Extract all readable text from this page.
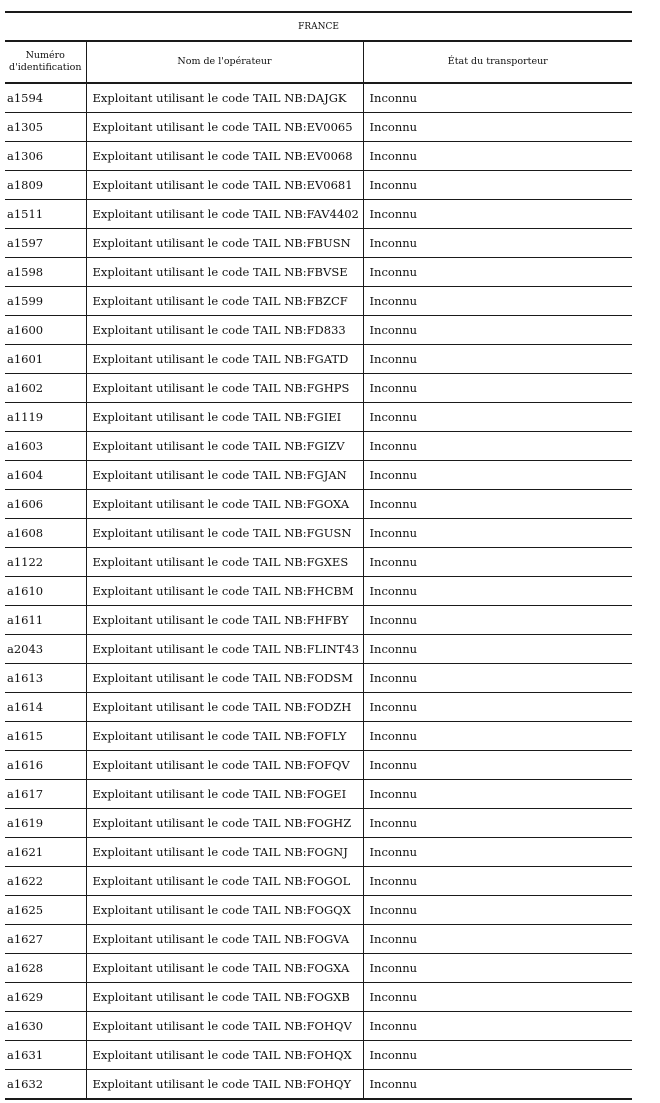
FRANCE		

Numéro
d'identification	Nom de l'opérateur	État du transporteur
a1594	Exploitant utilisant le code TAIL NB:DAJGK	Inconnu
a1305	Exploitant utilisant le code TAIL NB:EV0065	Inconnu
a1306	Exploitant utilisant le code TAIL NB:EV0068	Inconnu
a1809	Exploitant utilisant le code TAIL NB:EV0681	Inconnu
a1511	Exploitant utilisant le code TAIL NB:FAV4402	Inconnu
a1597	Exploitant utilisant le code TAIL NB:FBUSN	Inconnu
a1598	Exploitant utilisant le code TAIL NB:FBVSE	Inconnu
a1599	Exploitant utilisant le code TAIL NB:FBZCF	Inconnu
a1600	Exploitant utilisant le code TAIL NB:FD833	Inconnu
a1601	Exploitant utilisant le code TAIL NB:FGATD	Inconnu
a1602	Exploitant utilisant le code TAIL NB:FGHPS	Inconnu
a1119	Exploitant utilisant le code TAIL NB:FGIEI	Inconnu
a1603	Exploitant utilisant le code TAIL NB:FGIZV	Inconnu
a1604	Exploitant utilisant le code TAIL NB:FGJAN	Inconnu
a1606	Exploitant utilisant le code TAIL NB:FGOXA	Inconnu
a1608	Exploitant utilisant le code TAIL NB:FGUSN	Inconnu
a1122	Exploitant utilisant le code TAIL NB:FGXES	Inconnu
a1610	Exploitant utilisant le code TAIL NB:FHCBM	Inconnu
a1611	Exploitant utilisant le code TAIL NB:FHFBY	Inconnu
a2043	Exploitant utilisant le code TAIL NB:FLINT43	Inconnu
a1613	Exploitant utilisant le code TAIL NB:FODSM	Inconnu
a1614	Exploitant utilisant le code TAIL NB:FODZH	Inconnu
a1615	Exploitant utilisant le code TAIL NB:FOFLY	Inconnu
a1616	Exploitant utilisant le code TAIL NB:FOFQV	Inconnu
a1617	Exploitant utilisant le code TAIL NB:FOGEI	Inconnu
a1619	Exploitant utilisant le code TAIL NB:FOGHZ	Inconnu
a1621	Exploitant utilisant le code TAIL NB:FOGNJ	Inconnu
a1622	Exploitant utilisant le code TAIL NB:FOGOL	Inconnu
a1625	Exploitant utilisant le code TAIL NB:FOGQX	Inconnu
a1627	Exploitant utilisant le code TAIL NB:FOGVA	Inconnu
a1628	Exploitant utilisant le code TAIL NB:FOGXA	Inconnu
a1629	Exploitant utilisant le code TAIL NB:FOGXB	Inconnu
a1630	Exploitant utilisant le code TAIL NB:FOHQV	Inconnu
a1631	Exploitant utilisant le code TAIL NB:FOHQX	Inconnu
a1632	Exploitant utilisant le code TAIL NB:FOHQY	Inconnu
